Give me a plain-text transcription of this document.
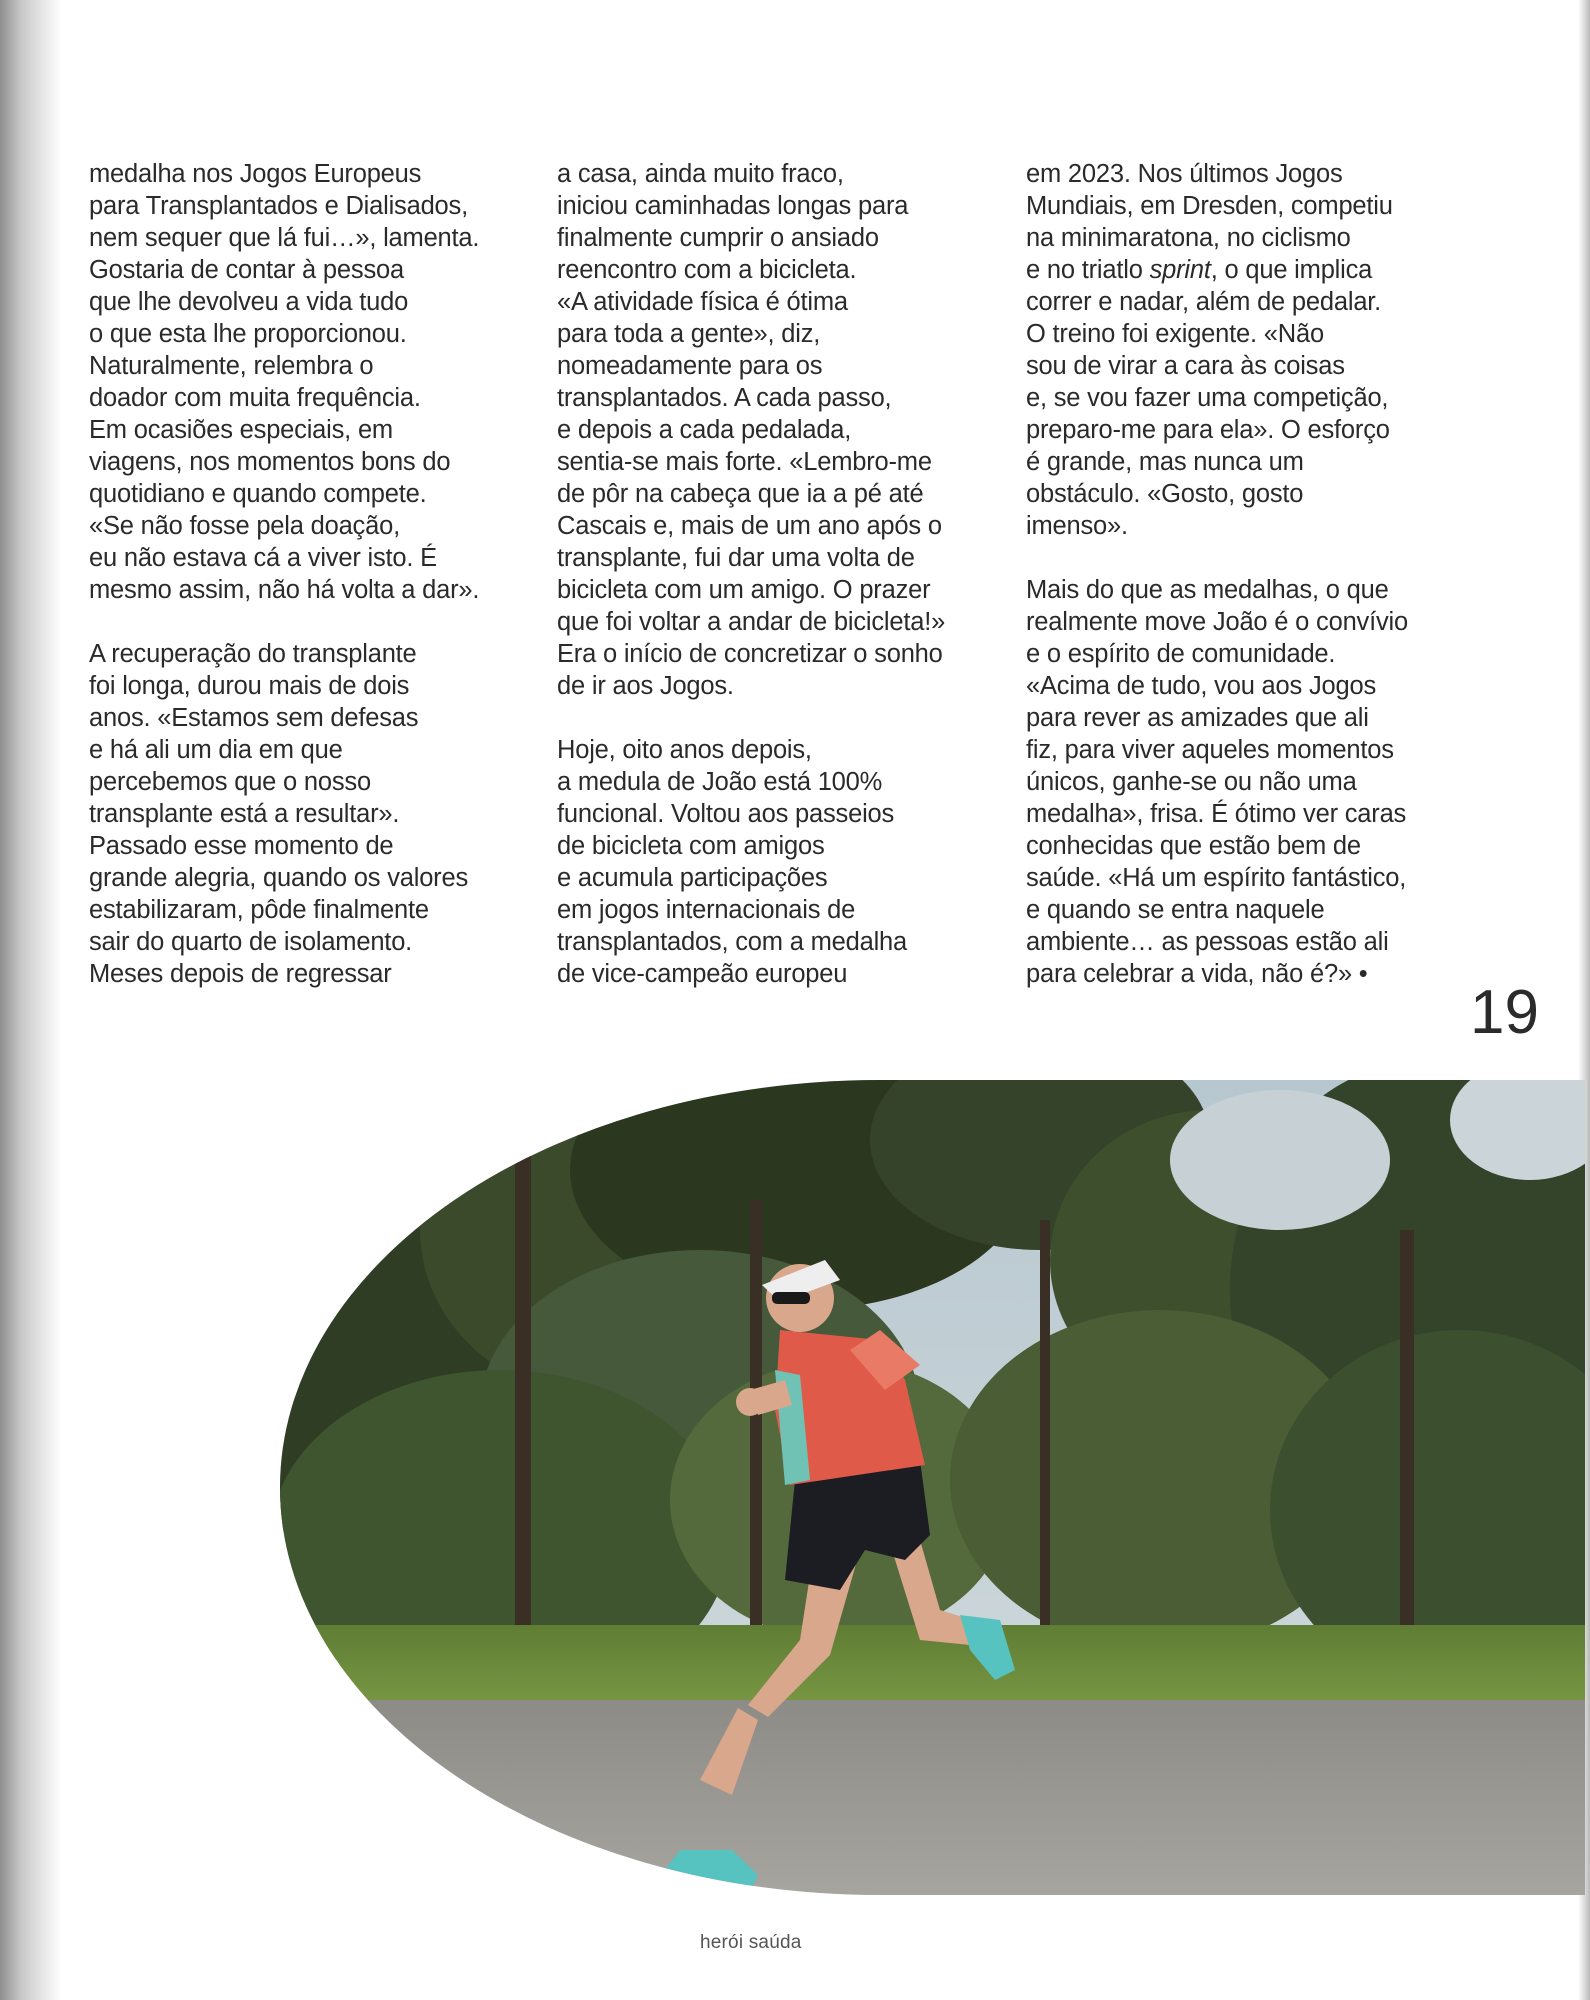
medalha nos Jogos Europeus
para Transplantados e Dialisados,
nem sequer que lá fui…», lamenta.
Gostaria de contar à pessoa
que lhe devolveu a vida tudo
o que esta lhe proporcionou.
Naturalmente, relembra o
doador com muita frequência.
Em ocasiões especiais, em
viagens, nos momentos bons do
quotidiano e quando compete.
«Se não fosse pela doação,
eu não estava cá a viver isto. É
mesmo assim, não há volta a dar».

A recuperação do transplante
foi longa, durou mais de dois
anos. «Estamos sem defesas
e há ali um dia em que
percebemos que o nosso
transplante está a resultar».
Passado esse momento de
grande alegria, quando os valores
estabilizaram, pôde finalmente
sair do quarto de isolamento.
Meses depois de regressar

a casa, ainda muito fraco,
iniciou caminhadas longas para
finalmente cumprir o ansiado
reencontro com a bicicleta.
«A atividade física é ótima
para toda a gente», diz,
nomeadamente para os
transplantados. A cada passo,
e depois a cada pedalada,
sentia-se mais forte. «Lembro-me
de pôr na cabeça que ia a pé até
Cascais e, mais de um ano após o
transplante, fui dar uma volta de
bicicleta com um amigo. O prazer
que foi voltar a andar de bicicleta!»
Era o início de concretizar o sonho
de ir aos Jogos.

Hoje, oito anos depois,
a medula de João está 100%
funcional. Voltou aos passeios
de bicicleta com amigos
e acumula participações
em jogos internacionais de
transplantados, com a medalha
de vice-campeão europeu

em 2023. Nos últimos Jogos
Mundiais, em Dresden, competiu
na minimaratona, no ciclismo
e no triatlo sprint, o que implica
correr e nadar, além de pedalar.
O treino foi exigente. «Não
sou de virar a cara às coisas
e, se vou fazer uma competição,
preparo-me para ela». O esforço
é grande, mas nunca um
obstáculo. «Gosto, gosto
imenso».

Mais do que as medalhas, o que
realmente move João é o convívio
e o espírito de comunidade.
«Acima de tudo, vou aos Jogos
para rever as amizades que ali
fiz, para viver aqueles momentos
únicos, ganhe-se ou não uma
medalha», frisa. É ótimo ver caras
conhecidas que estão bem de
saúde. «Há um espírito fantástico,
e quando se entra naquele
ambiente… as pessoas estão ali
para celebrar a vida, não é?» •

19
herói saúda
